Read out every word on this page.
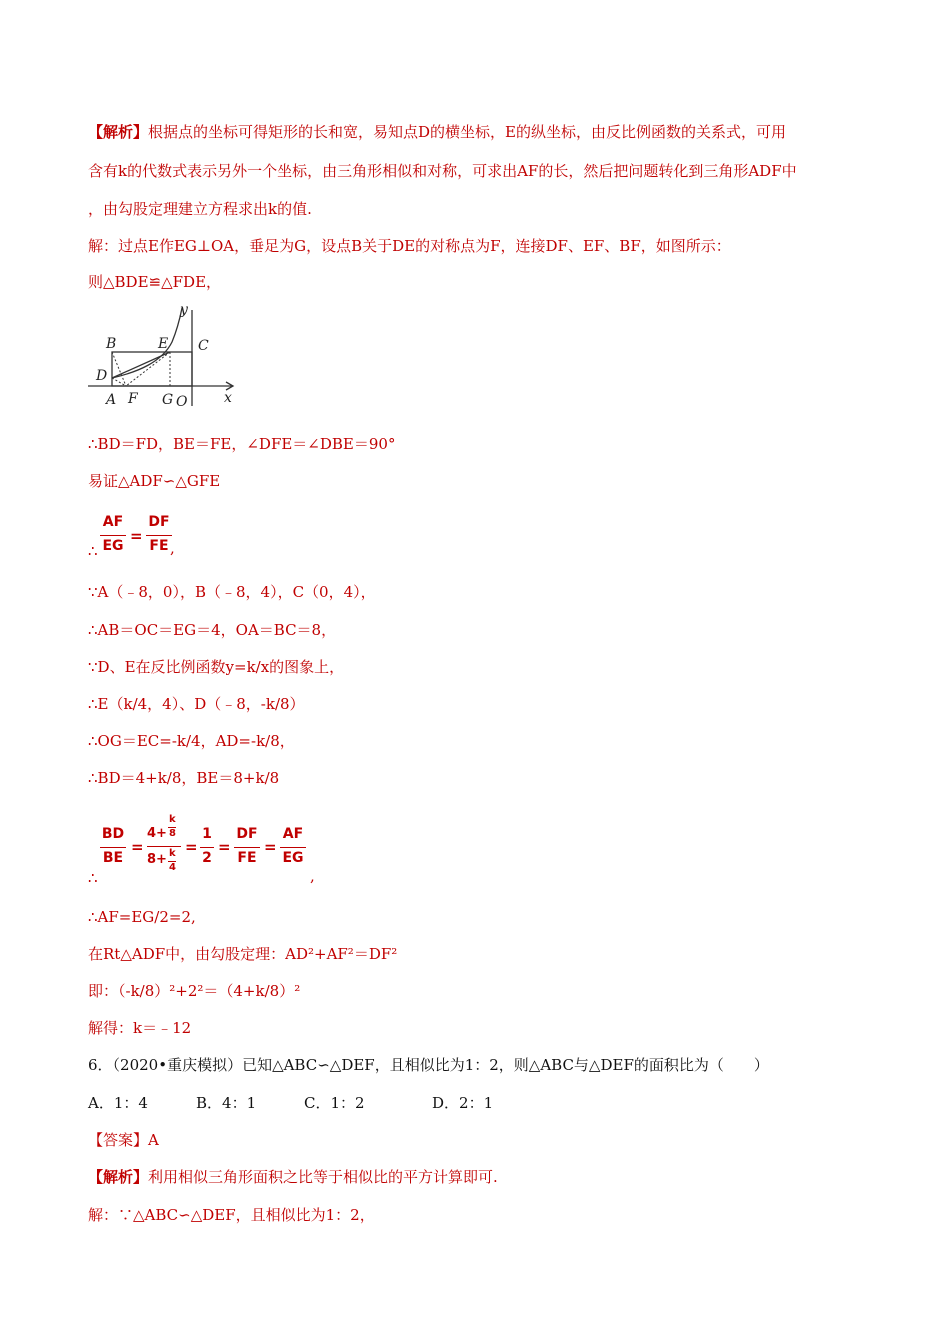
【解析】根据点的坐标可得矩形的长和宽，易知点D的横坐标，E的纵坐标，由反比例函数的关系式，可用
含有k的代数式表示另外一个坐标，由三角形相似和对称，可求出AF的长，然后把问题转化到三角形ADF中
，由勾股定理建立方程求出k的值.
解：过点E作EG⊥OA，垂足为G，设点B关于DE的对称点为F，连接DF、EF、BF，如图所示：
则△BDE≌△FDE，
y
B	E C
D
A F G O	x
∴BD＝FD，BE＝FE，∠DFE＝∠DBE＝90°
易证△ADF∽△GFE
∴
AF
EG
=
DF
FE ,
∵A（﹣8，0），B（﹣8，4），C（0，4），
∴AB＝OC＝EG＝4，OA＝BC＝8，
∵D、E在反比例函数y=k/x的图象上，
∴E（k/4，4）、D（﹣8，-k/8）
∴OG＝EC=-k/4，AD=-k/8，
∴BD＝4+k/8，BE＝8+k/8
∴
BD
BE
=
4+
k
8
8+ k
4
=
1
2
=
DF
FE
=
AF
EG
,
∴AF=EG/2=2,
在Rt△ADF中，由勾股定理：AD²+AF²＝DF²
即：（-k/8）²+2²＝（4+k/8）²
解得：k＝﹣12
6．（2020•重庆模拟）已知△ABC∽△DEF，且相似比为1：2，则△ABC与△DEF的面积比为（　　）
A．1：4	B．4：1	C．1：2	D．2：1
【答案】A
【解析】利用相似三角形面积之比等于相似比的平方计算即可.
解：∵△ABC∽△DEF，且相似比为1：2，
